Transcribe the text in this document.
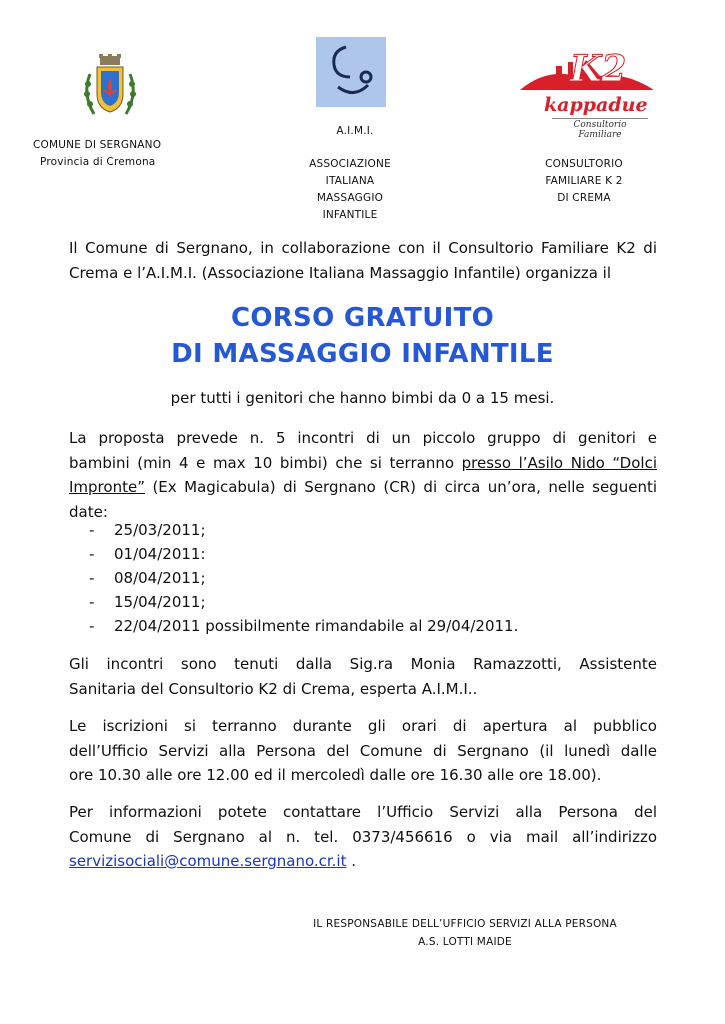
K2
kappadue
Consultorio Familiare
COMUNE DI SERGNANO
Provincia di Cremona
A.I.M.I.
ASSOCIAZIONE
ITALIANA
MASSAGGIO
INFANTILE
CONSULTORIO
FAMILIARE K 2
DI CREMA
Il Comune di Sergnano, in collaborazione con il Consultorio Familiare K2 di
Crema e l’A.I.M.I. (Associazione Italiana Massaggio Infantile) organizza il
CORSO GRATUITO
DI MASSAGGIO INFANTILE
per tutti i genitori che hanno bimbi da 0 a 15 mesi.
La proposta prevede n. 5 incontri di un piccolo gruppo di genitori e
bambini (min 4 e max 10 bimbi) che si terranno presso l’Asilo Nido “Dolci
Impronte” (Ex Magicabula) di Sergnano (CR) di circa un’ora, nelle seguenti
date:
- 25/03/2011;
- 01/04/2011:
- 08/04/2011;
- 15/04/2011;
- 22/04/2011 possibilmente rimandabile al 29/04/2011.
Gli incontri sono tenuti dalla Sig.ra Monia Ramazzotti, Assistente
Sanitaria del Consultorio K2 di Crema, esperta A.I.M.I..
Le iscrizioni si terranno durante gli orari di apertura al pubblico
dell’Ufficio Servizi alla Persona del Comune di Sergnano (il lunedì dalle
ore 10.30 alle ore 12.00 ed il mercoledì dalle ore 16.30 alle ore 18.00).
Per informazioni potete contattare l’Ufficio Servizi alla Persona del
Comune di Sergnano al n. tel. 0373/456616 o via mail all’indirizzo
servizisociali@comune.sergnano.cr.it .
IL RESPONSABILE DELL’UFFICIO SERVIZI ALLA PERSONA
A.S. LOTTI MAIDE
